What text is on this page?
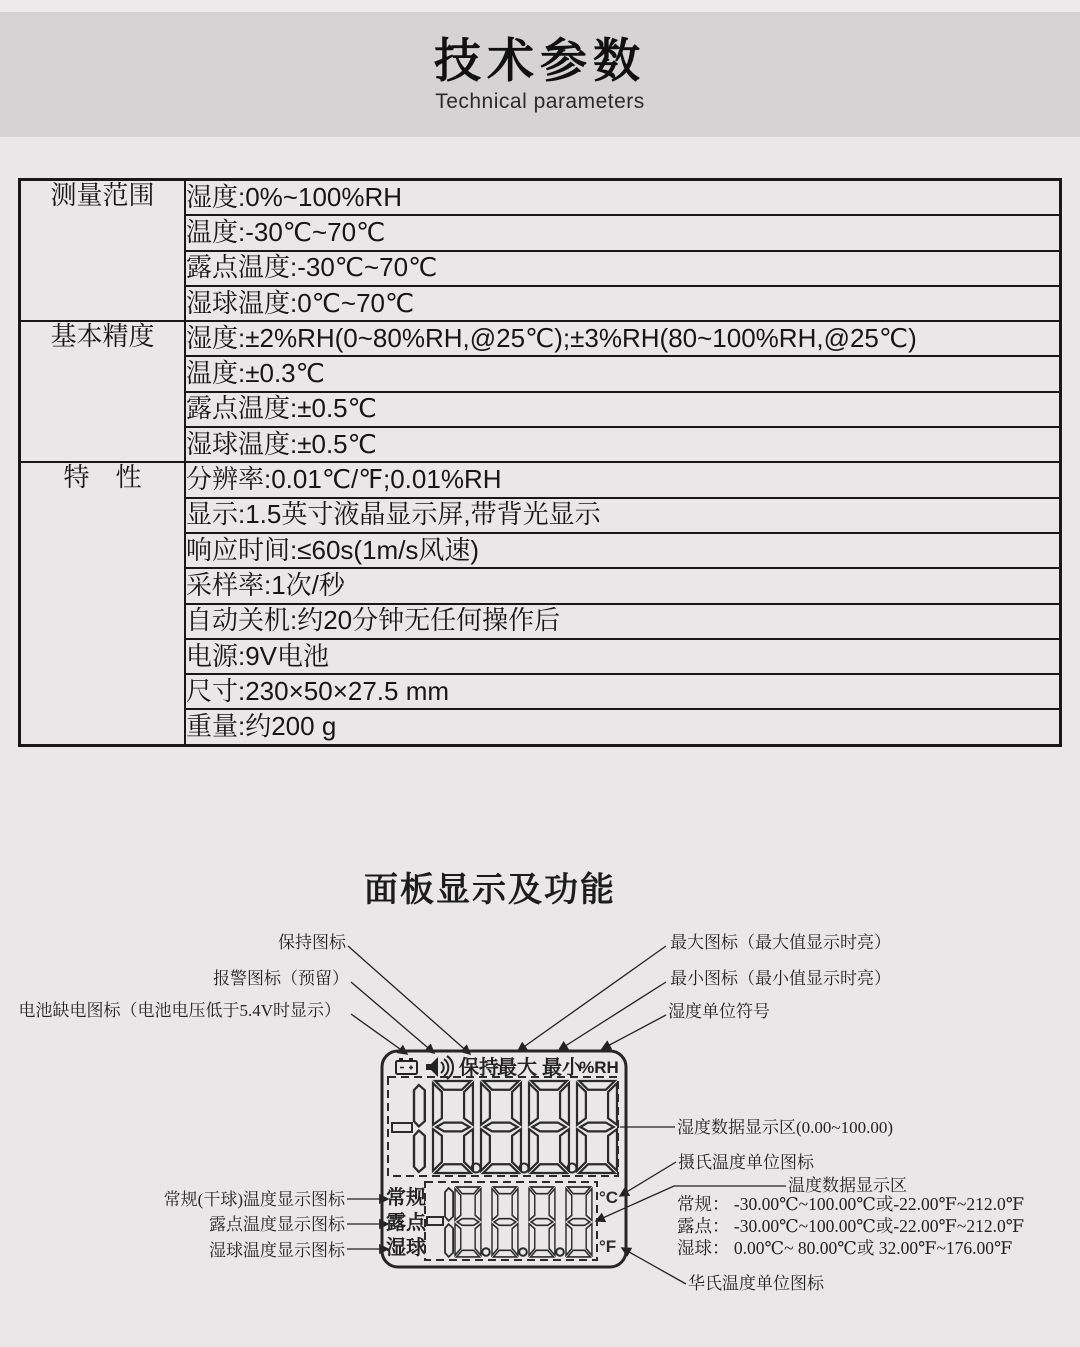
技术参数

Technical parameters

测量范围	湿度:0%~100%RH
	温度:-30℃~70℃
	露点温度:-30℃~70℃
	湿球温度:0℃~70℃
基本精度	湿度:±2%RH(0~80%RH,@25℃);±3%RH(80~100%RH,@25℃)
	温度:±0.3℃
	露点温度:±0.5℃
	湿球温度:±0.5℃
特　性	分辨率:0.01℃/℉;0.01%RH
	显示:1.5英寸液晶显示屏,带背光显示
	响应时间:≤60s(1m/s风速)
	采样率:1次/秒
	自动关机:约20分钟无任何操作后
	电源:9V电池
	尺寸:230×50×27.5 mm
	重量:约200 g
面板显示及功能
保持图标
报警图标（预留）
电池缺电图标（电池电压低于5.4V时显示）
最大图标（最大值显示时亮）
最小图标（最小值显示时亮）
湿度单位符号
湿度数据显示区(0.00~100.00)
摄氏温度单位图标
温度数据显示区
常规： -30.00℃~100.00℃或-22.00℉~212.0℉
露点： -30.00℃~100.00℃或-22.00℉~212.0℉
湿球： 0.00℃~ 80.00℃或 32.00℉~176.00℉
华氏温度单位图标
常规(干球)温度显示图标
露点温度显示图标
湿球温度显示图标
保持
最大 最小
%RH
常规
露点
湿球
°C
°F
